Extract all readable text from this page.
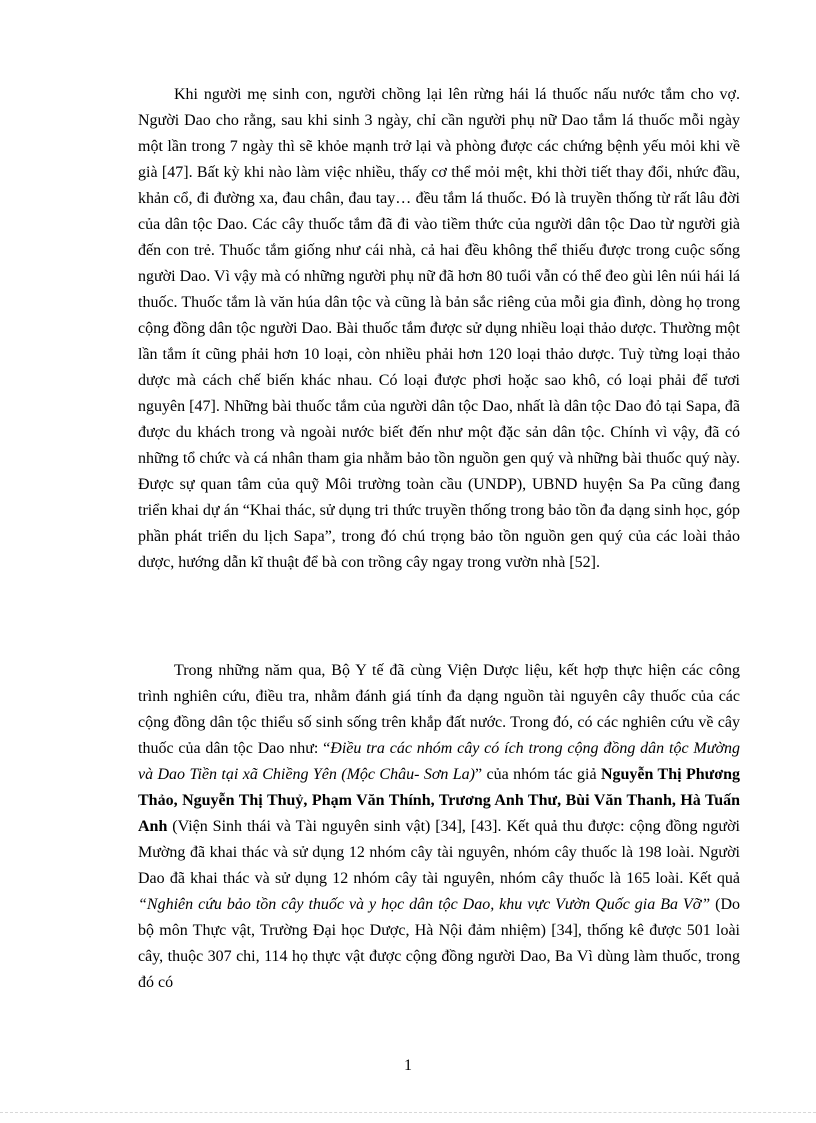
Khi người mẹ sinh con, người chồng lại lên rừng hái lá thuốc nấu nước tắm cho vợ. Người Dao cho rằng, sau khi sinh 3 ngày, chỉ cần người phụ nữ Dao tắm lá thuốc mỗi ngày một lần trong 7 ngày thì sẽ khỏe mạnh trở lại và phòng được các chứng bệnh yếu mỏi khi về già [47]. Bất kỳ khi nào làm việc nhiều, thấy cơ thể mỏi mệt, khi thời tiết thay đổi, nhức đầu, khản cổ, đi đường xa, đau chân, đau tay… đều tắm lá thuốc. Đó là truyền thống từ rất lâu đời của dân tộc Dao. Các cây thuốc tắm đã đi vào tiềm thức của người dân tộc Dao từ người già đến con trẻ. Thuốc tắm giống như cái nhà, cả hai đều không thể thiếu được trong cuộc sống người Dao. Vì vậy mà có những người phụ nữ đã hơn 80 tuổi vẫn có thể đeo gùi lên núi hái lá thuốc. Thuốc tắm là văn húa dân tộc và cũng là bản sắc riêng của mỗi gia đình, dòng họ trong cộng đồng dân tộc người Dao. Bài thuốc tắm được sử dụng nhiều loại thảo dược. Thường một lần tắm ít cũng phải hơn 10 loại, còn nhiều phải hơn 120 loại thảo dược. Tuỳ từng loại thảo dược mà cách chế biến khác nhau. Có loại được phơi hoặc sao khô, có loại phải để tươi nguyên [47]. Những bài thuốc tắm của người dân tộc Dao, nhất là dân tộc Dao đỏ tại Sapa, đã được du khách trong và ngoài nước biết đến như một đặc sản dân tộc. Chính vì vậy, đã có những tổ chức và cá nhân tham gia nhằm bảo tồn nguồn gen quý và những bài thuốc quý này. Được sự quan tâm của quỹ Môi trường toàn cầu (UNDP), UBND huyện Sa Pa cũng đang triển khai dự án “Khai thác, sử dụng tri thức truyền thống trong bảo tồn đa dạng sinh học, góp phần phát triển du lịch Sapa”, trong đó chú trọng bảo tồn nguồn gen quý của các loài thảo dược, hướng dẫn kĩ thuật để bà con trồng cây ngay trong vườn nhà [52].

Trong những năm qua, Bộ Y tế đã cùng Viện Dược liệu, kết hợp thực hiện các công trình nghiên cứu, điều tra, nhằm đánh giá tính đa dạng nguồn tài nguyên cây thuốc của các cộng đồng dân tộc thiểu số sinh sống trên khắp đất nước. Trong đó, có các nghiên cứu về cây thuốc của dân tộc Dao như: “Điều tra các nhóm cây có ích trong cộng đồng dân tộc Mường và Dao Tiền tại xã Chiềng Yên (Mộc Châu- Sơn La)” của nhóm tác giả Nguyễn Thị Phương Thảo, Nguyễn Thị Thuỷ, Phạm Văn Thính, Trương Anh Thư, Bùi Văn Thanh, Hà Tuấn Anh (Viện Sinh thái và Tài nguyên sinh vật) [34], [43]. Kết quả thu được: cộng đồng người Mường đã khai thác và sử dụng 12 nhóm cây tài nguyên, nhóm cây thuốc là 198 loài. Người Dao đã khai thác và sử dụng 12 nhóm cây tài nguyên, nhóm cây thuốc là 165 loài. Kết quả “Nghiên cứu bảo tồn cây thuốc và y học dân tộc Dao, khu vực Vườn Quốc gia Ba Vỡ” (Do bộ môn Thực vật, Trường Đại học Dược, Hà Nội đảm nhiệm) [34], thống kê được 501 loài cây, thuộc 307 chi, 114 họ thực vật được cộng đồng người Dao, Ba Vì dùng làm thuốc, trong đó có

1
